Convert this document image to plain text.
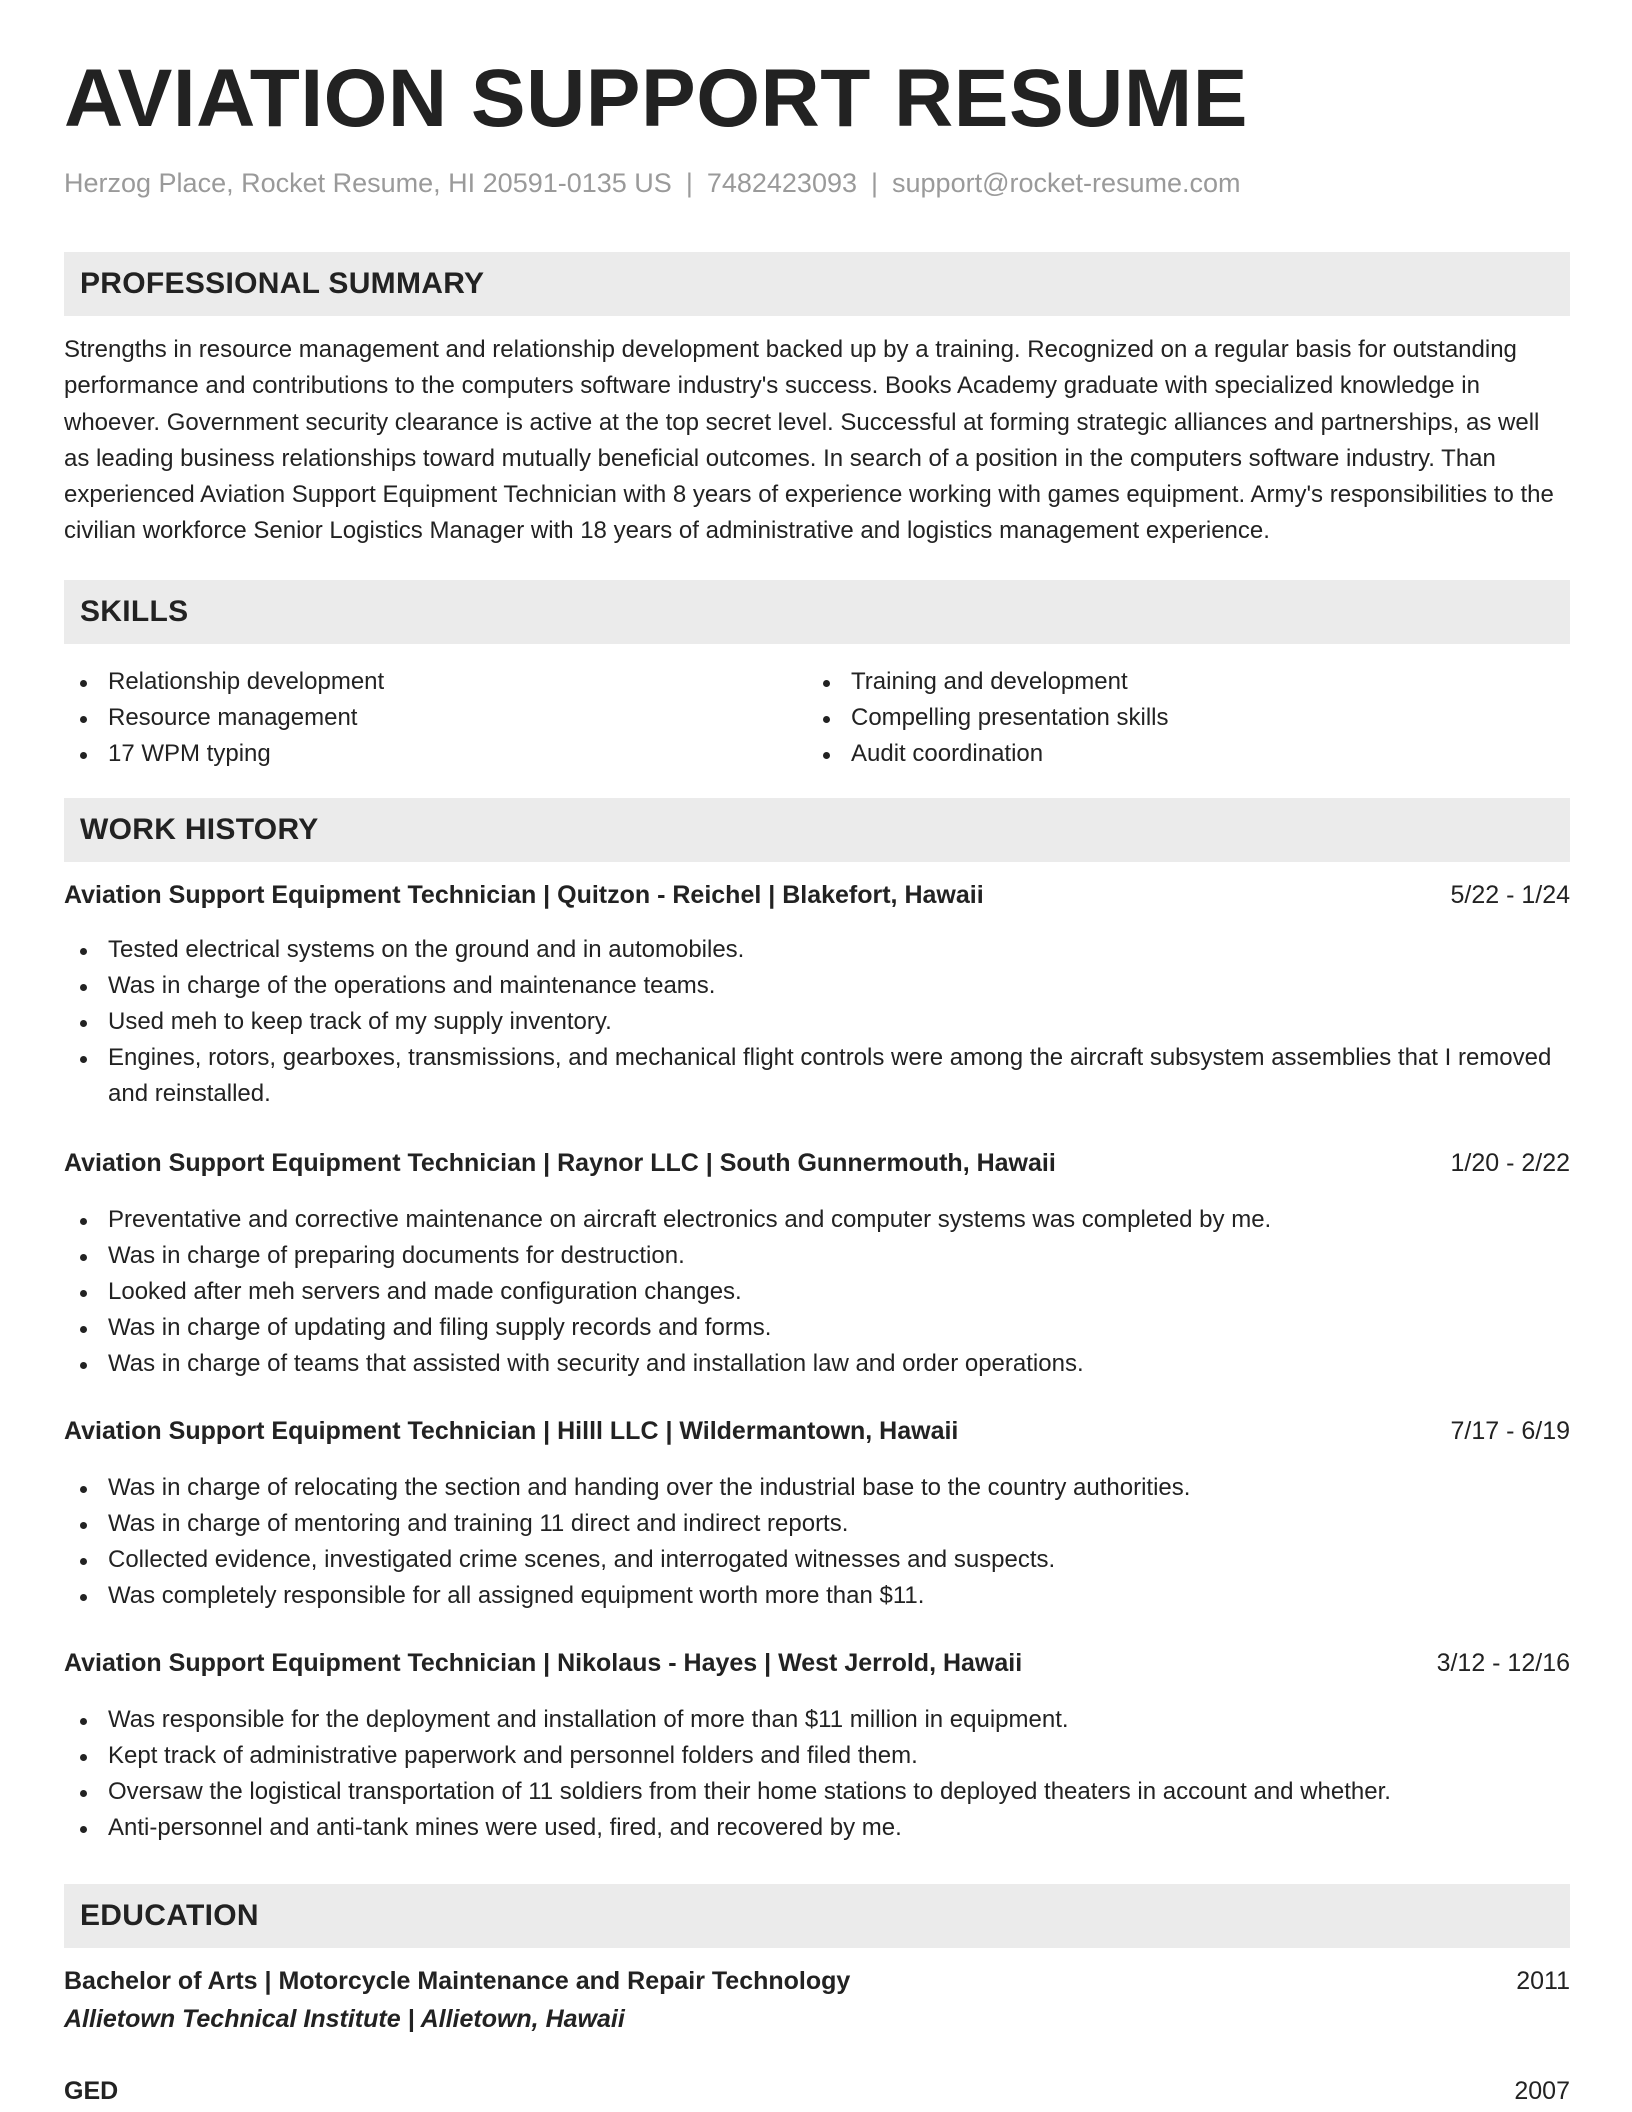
AVIATION SUPPORT RESUME
Herzog Place, Rocket Resume, HI 20591-0135 US | 7482423093 | support@rocket-resume.com
PROFESSIONAL SUMMARY
Strengths in resource management and relationship development backed up by a training. Recognized on a regular basis for outstanding performance and contributions to the computers software industry's success. Books Academy graduate with specialized knowledge in whoever. Government security clearance is active at the top secret level. Successful at forming strategic alliances and partnerships, as well as leading business relationships toward mutually beneficial outcomes. In search of a position in the computers software industry. Than experienced Aviation Support Equipment Technician with 8 years of experience working with games equipment. Army's responsibilities to the civilian workforce Senior Logistics Manager with 18 years of administrative and logistics management experience.
SKILLS
Relationship development
Resource management
17 WPM typing
Training and development
Compelling presentation skills
Audit coordination
WORK HISTORY
Aviation Support Equipment Technician | Quitzon - Reichel | Blakefort, Hawaii	5/22 - 1/24
Tested electrical systems on the ground and in automobiles.
Was in charge of the operations and maintenance teams.
Used meh to keep track of my supply inventory.
Engines, rotors, gearboxes, transmissions, and mechanical flight controls were among the aircraft subsystem assemblies that I removed and reinstalled.
Aviation Support Equipment Technician | Raynor LLC | South Gunnermouth, Hawaii	1/20 - 2/22
Preventative and corrective maintenance on aircraft electronics and computer systems was completed by me.
Was in charge of preparing documents for destruction.
Looked after meh servers and made configuration changes.
Was in charge of updating and filing supply records and forms.
Was in charge of teams that assisted with security and installation law and order operations.
Aviation Support Equipment Technician | Hilll LLC | Wildermantown, Hawaii	7/17 - 6/19
Was in charge of relocating the section and handing over the industrial base to the country authorities.
Was in charge of mentoring and training 11 direct and indirect reports.
Collected evidence, investigated crime scenes, and interrogated witnesses and suspects.
Was completely responsible for all assigned equipment worth more than $11.
Aviation Support Equipment Technician | Nikolaus - Hayes | West Jerrold, Hawaii	3/12 - 12/16
Was responsible for the deployment and installation of more than $11 million in equipment.
Kept track of administrative paperwork and personnel folders and filed them.
Oversaw the logistical transportation of 11 soldiers from their home stations to deployed theaters in account and whether.
Anti-personnel and anti-tank mines were used, fired, and recovered by me.
EDUCATION
Bachelor of Arts | Motorcycle Maintenance and Repair Technology	2011
Allietown Technical Institute | Allietown, Hawaii
GED	2007
